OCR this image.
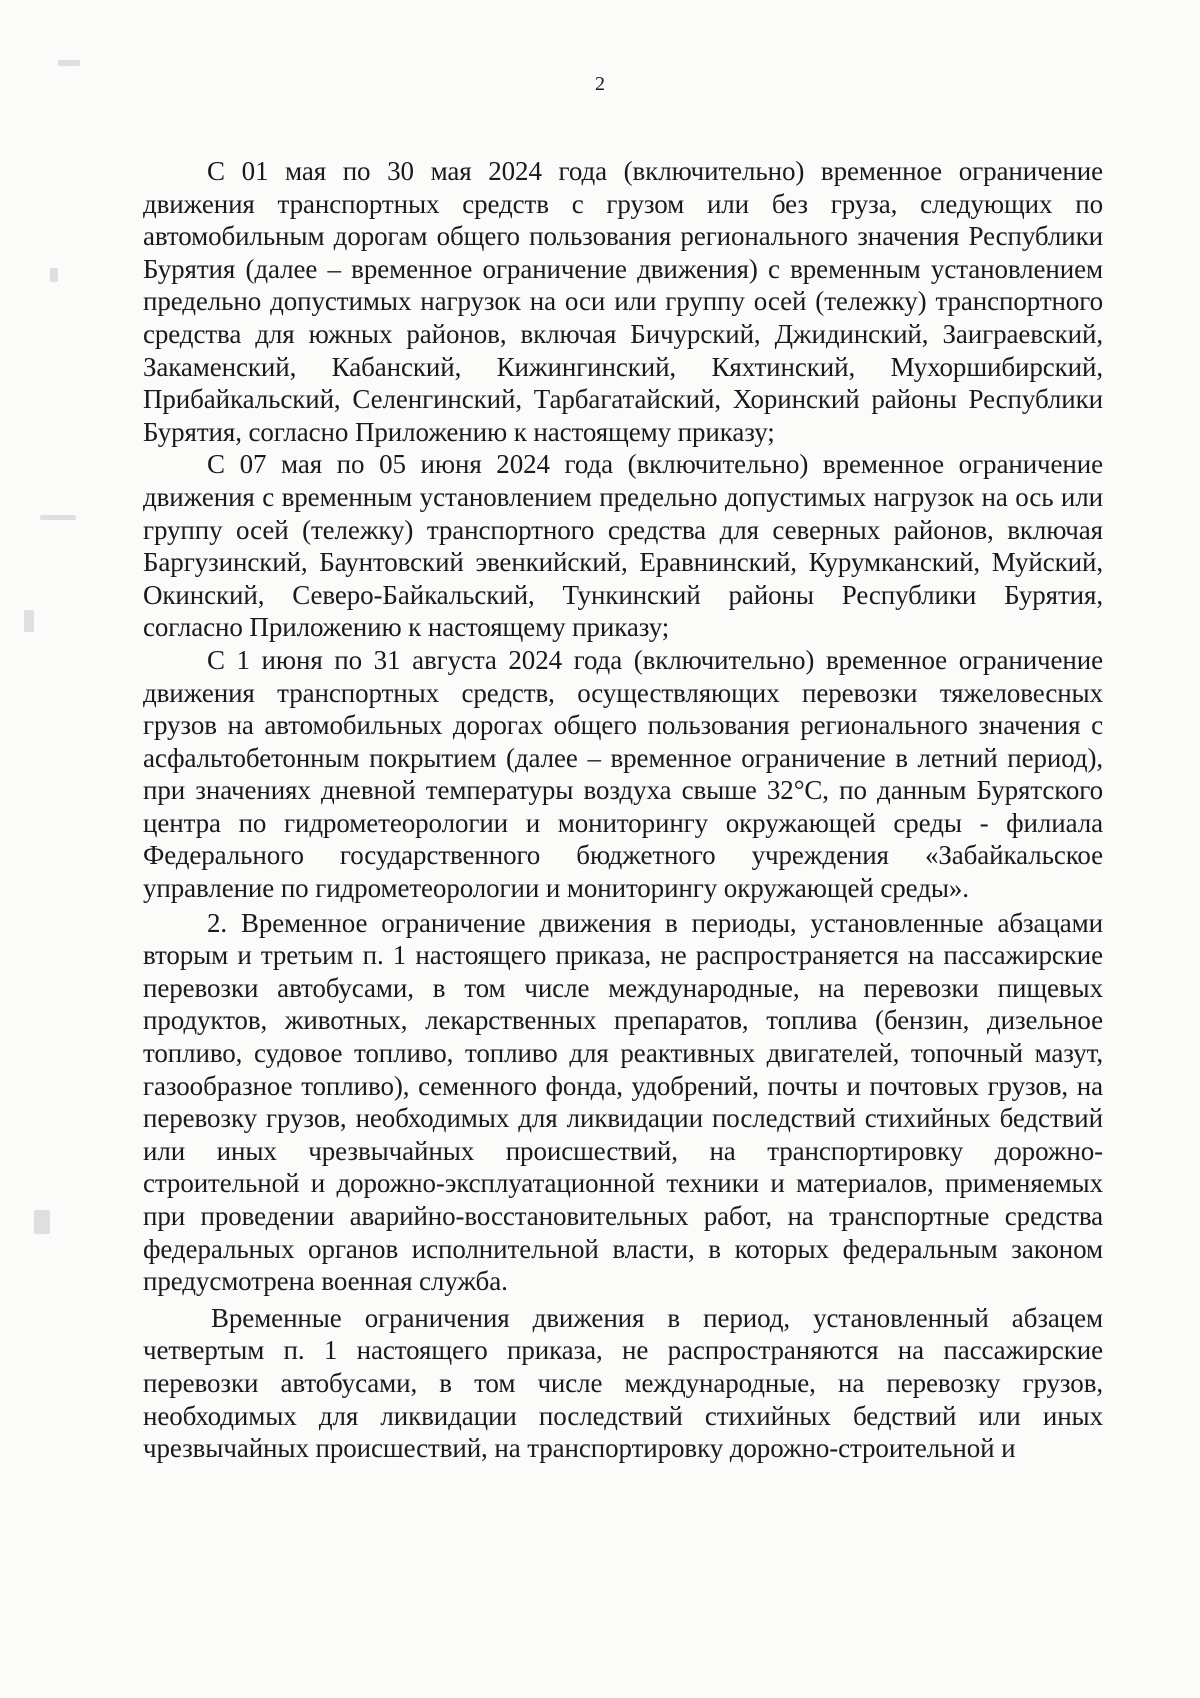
2

С 01 мая по 30 мая 2024 года (включительно) временное ограничение движения транспортных средств с грузом или без груза, следующих по автомобильным дорогам общего пользования регионального значения Республики Бурятия (далее – временное ограничение движения) с временным установлением предельно допустимых нагрузок на оси или группу осей (тележку) транспортного средства для южных районов, включая Бичурский, Джидинский, Заиграевский, Закаменский, Кабанский, Кижингинский, Кяхтинский, Мухоршибирский, Прибайкальский, Селенгинский, Тарбагатайский, Хоринский районы Республики Бурятия, согласно Приложению к настоящему приказу;

С 07 мая по 05 июня 2024 года (включительно) временное ограничение движения с временным установлением предельно допустимых нагрузок на ось или группу осей (тележку) транспортного средства для северных районов, включая Баргузинский, Баунтовский эвенкийский, Еравнинский, Курумканский, Муйский, Окинский, Северо-Байкальский, Тункинский районы Республики Бурятия, согласно Приложению к настоящему приказу;

С 1 июня по 31 августа 2024 года (включительно) временное ограничение движения транспортных средств, осуществляющих перевозки тяжеловесных грузов на автомобильных дорогах общего пользования регионального значения с асфальтобетонным покрытием (далее – временное ограничение в летний период), при значениях дневной температуры воздуха свыше 32°С, по данным Бурятского центра по гидрометеорологии и мониторингу окружающей среды - филиала Федерального государственного бюджетного учреждения «Забайкальское управление по гидрометеорологии и мониторингу окружающей среды».

2. Временное ограничение движения в периоды, установленные абзацами вторым и третьим п. 1 настоящего приказа, не распространяется на пассажирские перевозки автобусами, в том числе международные, на перевозки пищевых продуктов, животных, лекарственных препаратов, топлива (бензин, дизельное топливо, судовое топливо, топливо для реактивных двигателей, топочный мазут, газообразное топливо), семенного фонда, удобрений, почты и почтовых грузов, на перевозку грузов, необходимых для ликвидации последствий стихийных бедствий или иных чрезвычайных происшествий, на транспортировку дорожно-строительной и дорожно-эксплуатационной техники и материалов, применяемых при проведении аварийно-восстановительных работ, на транспортные средства федеральных органов исполнительной власти, в которых федеральным законом предусмотрена военная служба.

Временные ограничения движения в период, установленный абзацем четвертым п. 1 настоящего приказа, не распространяются на пассажирские перевозки автобусами, в том числе международные, на перевозку грузов, необходимых для ликвидации последствий стихийных бедствий или иных чрезвычайных происшествий, на транспортировку дорожно-строительной и
